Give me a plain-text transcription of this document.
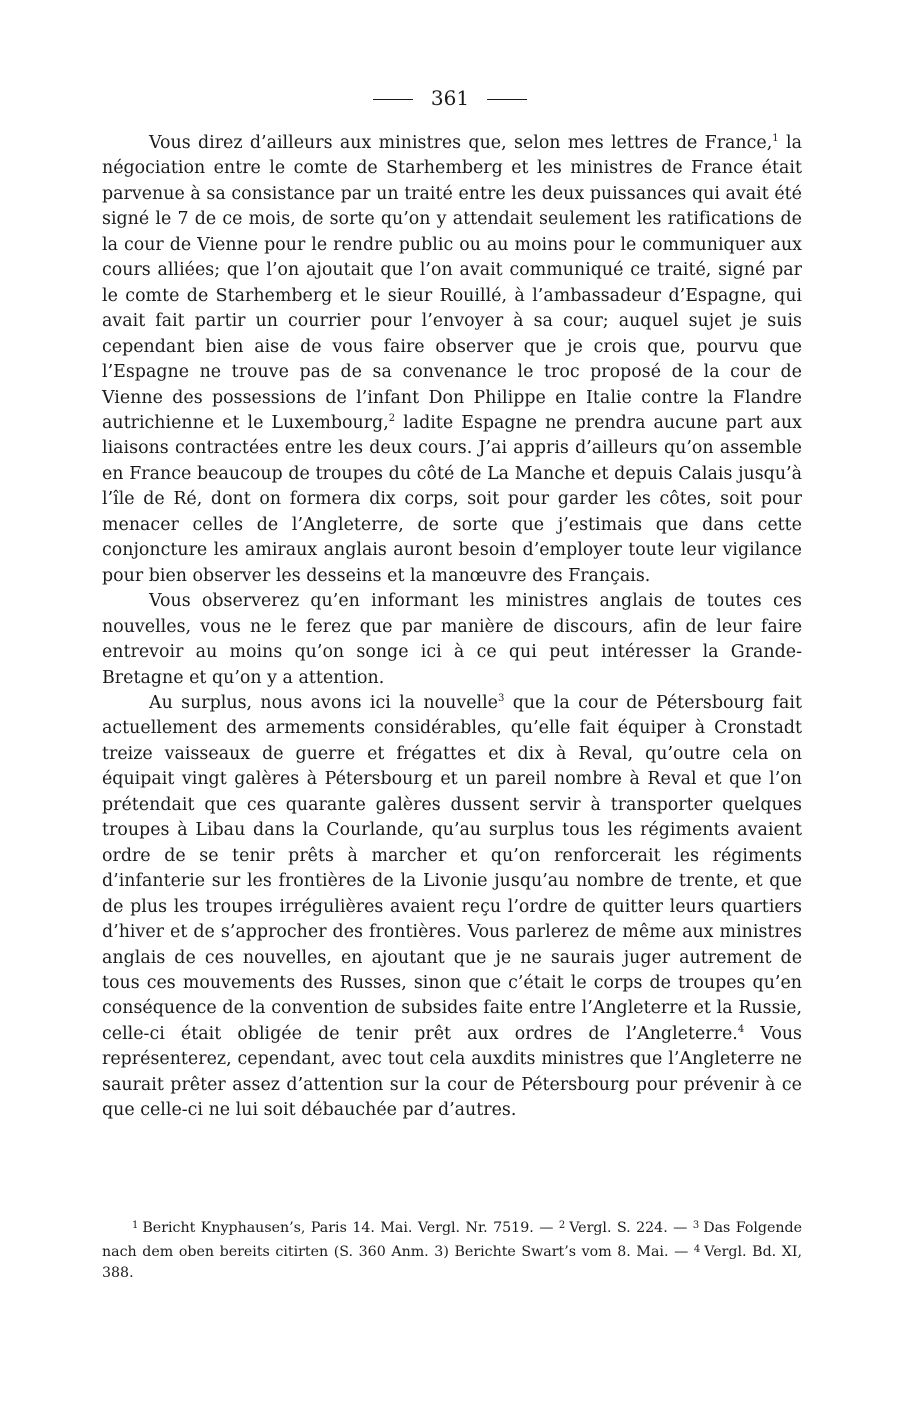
361

Vous direz d’ailleurs aux ministres que, selon mes lettres de France,$^1$ la négociation entre le comte de Starhemberg et les ministres de France était parvenue à sa consistance par un traité entre les deux puissances qui avait été signé le 7 de ce mois, de sorte qu’on y attendait seulement les ratifications de la cour de Vienne pour le rendre public ou au moins pour le communiquer aux cours alliées; que l’on ajoutait que l’on avait communiqué ce traité, signé par le comte de Starhemberg et le sieur Rouillé, à l’ambassadeur d’Espagne, qui avait fait partir un courrier pour l’envoyer à sa cour; auquel sujet je suis cependant bien aise de vous faire observer que je crois que, pourvu que l’Espagne ne trouve pas de sa convenance le troc proposé de la cour de Vienne des possessions de l’infant Don Philippe en Italie contre la Flandre autrichienne et le Luxembourg,$^2$ ladite Espagne ne prendra aucune part aux liaisons contractées entre les deux cours. J’ai appris d’ailleurs qu’on assemble en France beaucoup de troupes du côté de La Manche et depuis Calais jusqu’à l’île de Ré, dont on formera dix corps, soit pour garder les côtes, soit pour menacer celles de l’Angleterre, de sorte que j’estimais que dans cette conjoncture les amiraux anglais auront besoin d’employer toute leur vigilance pour bien observer les desseins et la manœuvre des Français.

Vous observerez qu’en informant les ministres anglais de toutes ces nouvelles, vous ne le ferez que par manière de discours, afin de leur faire entrevoir au moins qu’on songe ici à ce qui peut intéresser la Grande-Bretagne et qu’on y a attention.

Au surplus, nous avons ici la nouvelle$^3$ que la cour de Pétersbourg fait actuellement des armements considérables, qu’elle fait équiper à Cronstadt treize vaisseaux de guerre et frégattes et dix à Reval, qu’outre cela on équipait vingt galères à Pétersbourg et un pareil nombre à Reval et que l’on prétendait que ces quarante galères dussent servir à transporter quelques troupes à Libau dans la Courlande, qu’au surplus tous les régiments avaient ordre de se tenir prêts à marcher et qu’on renforcerait les régiments d’infanterie sur les frontières de la Livonie jusqu’au nombre de trente, et que de plus les troupes irrégulières avaient reçu l’ordre de quitter leurs quartiers d’hiver et de s’approcher des frontières. Vous parlerez de même aux ministres anglais de ces nouvelles, en ajoutant que je ne saurais juger autrement de tous ces mouvements des Russes, sinon que c’était le corps de troupes qu’en conséquence de la convention de subsides faite entre l’Angleterre et la Russie, celle-ci était obligée de tenir prêt aux ordres de l’Angleterre.$^4$ Vous représenterez, cependant, avec tout cela auxdits ministres que l’Angleterre ne saurait prêter assez d’attention sur la cour de Pétersbourg pour prévenir à ce que celle-ci ne lui soit débauchée par d’autres.

$^1$ Bericht Knyphausen’s, Paris 14. Mai. Vergl. Nr. 7519. — $^2$ Vergl. S. 224. — $^3$ Das Folgende nach dem oben bereits citirten (S. 360 Anm. 3) Berichte Swart’s vom 8. Mai. — $^4$ Vergl. Bd. XI, 388.
